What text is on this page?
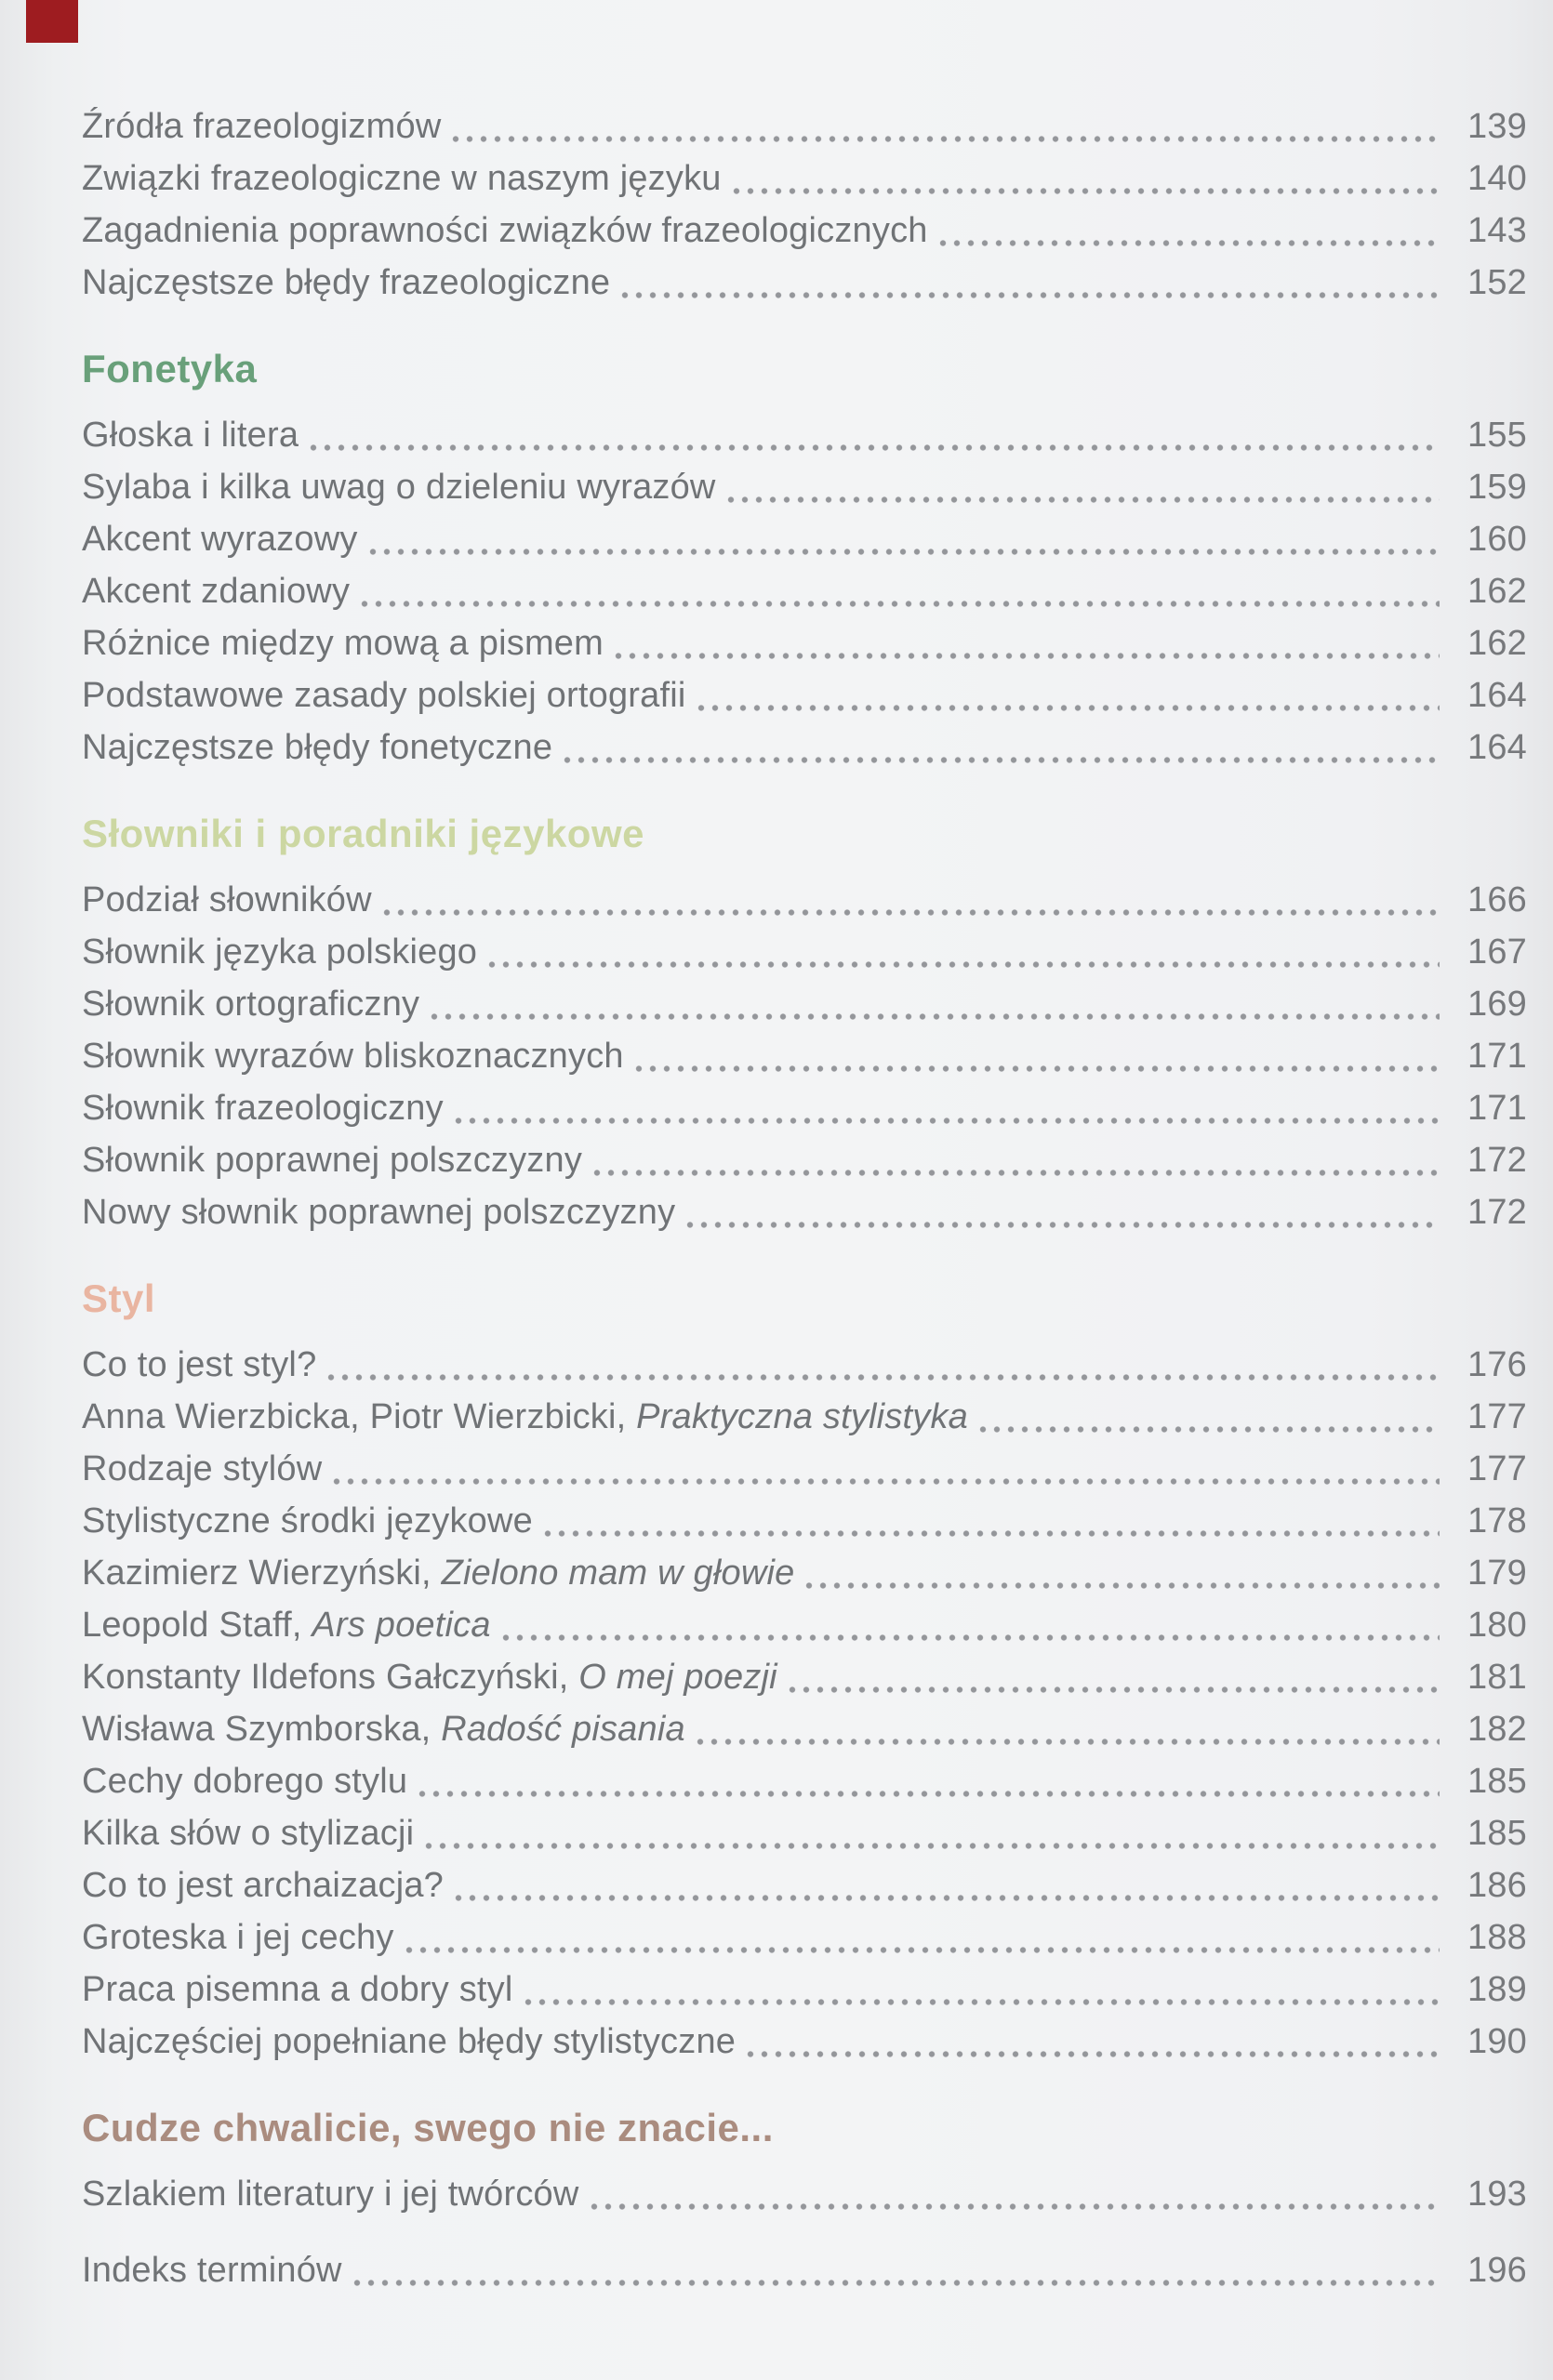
Źródła frazeologizmów	139
Związki frazeologiczne w naszym języku	140
Zagadnienia poprawności związków frazeologicznych	143
Najczęstsze błędy frazeologiczne	152
Fonetyka
Głoska i litera	155
Sylaba i kilka uwag o dzieleniu wyrazów	159
Akcent wyrazowy	160
Akcent zdaniowy	162
Różnice między mową a pismem	162
Podstawowe zasady polskiej ortografii	164
Najczęstsze błędy fonetyczne	164
Słowniki i poradniki językowe
Podział słowników	166
Słownik języka polskiego	167
Słownik ortograficzny	169
Słownik wyrazów bliskoznacznych	171
Słownik frazeologiczny	171
Słownik poprawnej polszczyzny	172
Nowy słownik poprawnej polszczyzny	172
Styl
Co to jest styl?	176
Anna Wierzbicka, Piotr Wierzbicki, Praktyczna stylistyka	177
Rodzaje stylów	177
Stylistyczne środki językowe	178
Kazimierz Wierzyński, Zielono mam w głowie	179
Leopold Staff, Ars poetica	180
Konstanty Ildefons Gałczyński, O mej poezji	181
Wisława Szymborska, Radość pisania	182
Cechy dobrego stylu	185
Kilka słów o stylizacji	185
Co to jest archaizacja?	186
Groteska i jej cechy	188
Praca pisemna a dobry styl	189
Najczęściej popełniane błędy stylistyczne	190
Cudze chwalicie, swego nie znacie...
Szlakiem literatury i jej twórców	193
Indeks terminów	196
